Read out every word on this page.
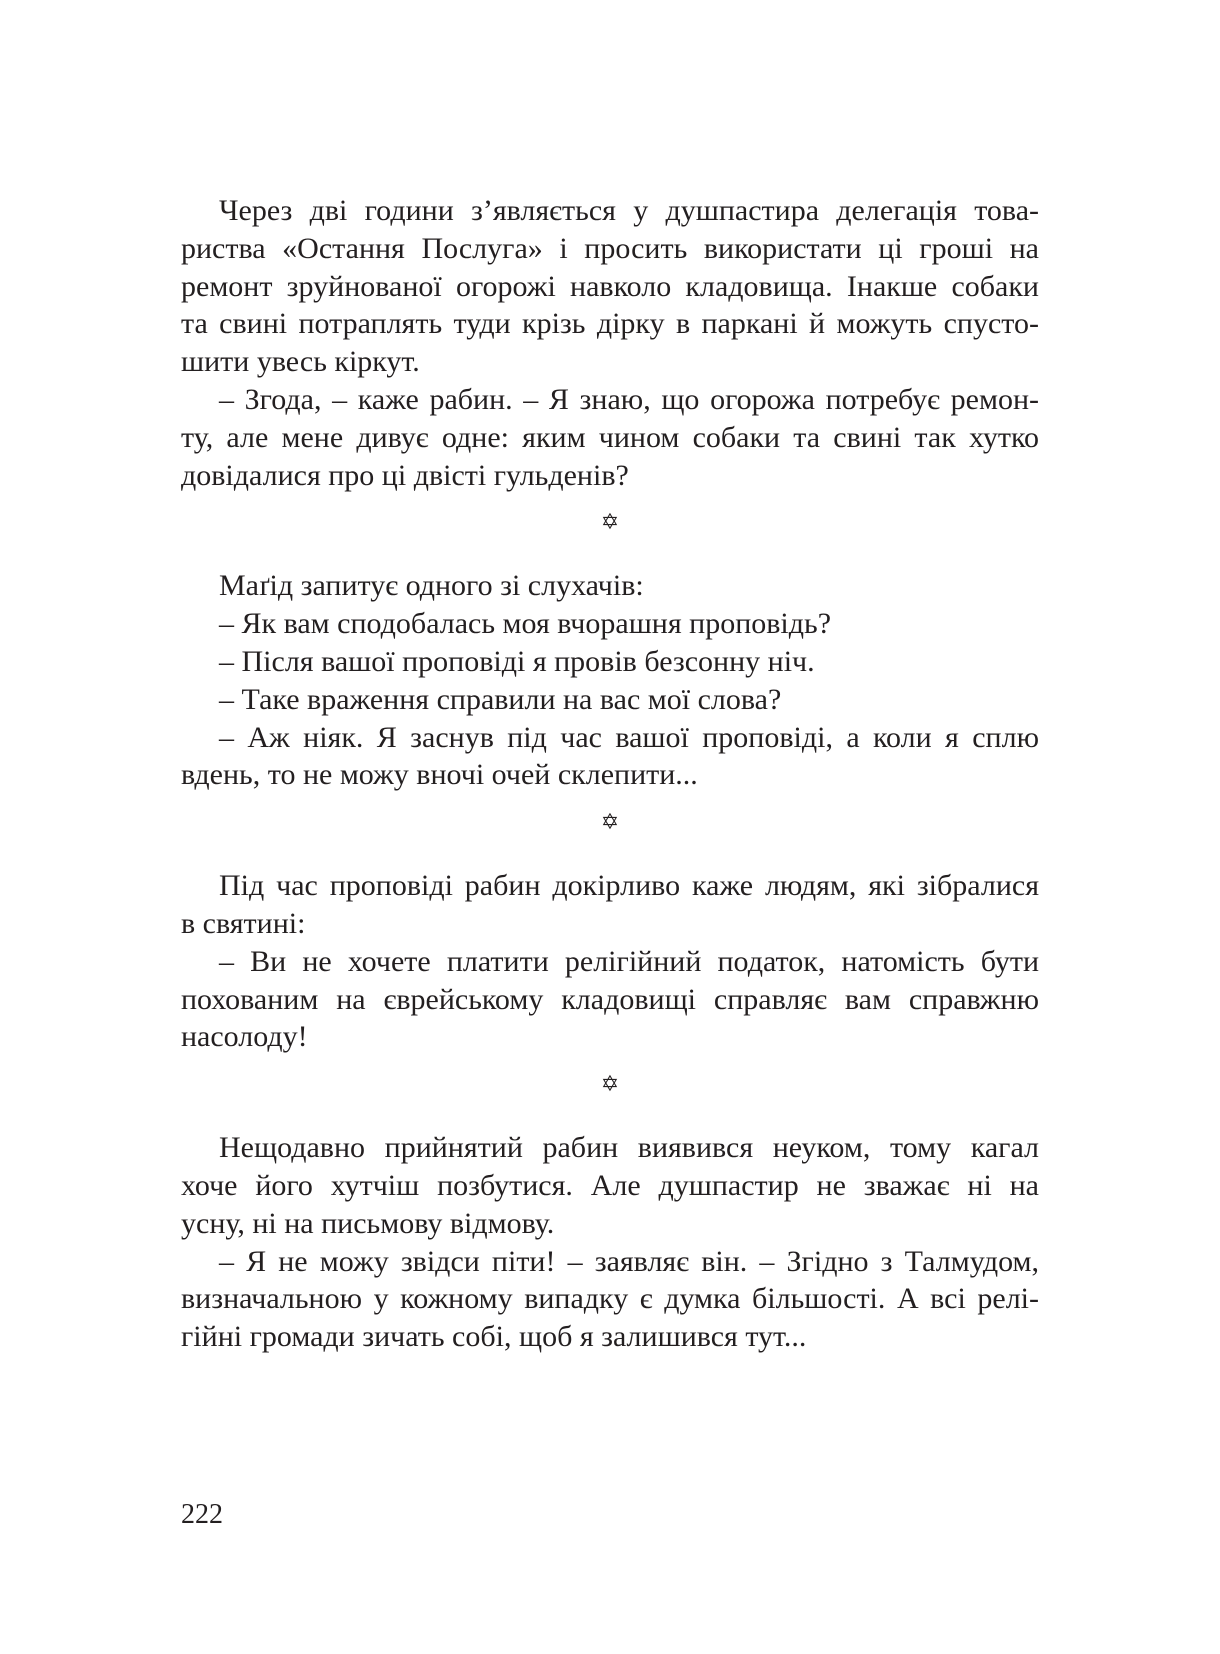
Через дві години з’являється у душпастира делегація това-
риства «Остання Послуга» і просить використати ці гроші на
ремонт зруйнованої огорожі навколо кладовища. Інакше собаки
та свині потраплять туди крізь дірку в паркані й можуть спусто-
шити увесь кіркут.
– Згода, – каже рабин. – Я знаю, що огорожа потребує ремон-
ту, але мене дивує одне: яким чином собаки та свині так хутко
довідалися про ці двісті гульденів?
✡
Маґід запитує одного зі слухачів:
– Як вам сподобалась моя вчорашня проповідь?
– Після вашої проповіді я провів безсонну ніч.
– Таке враження справили на вас мої слова?
– Аж ніяк. Я заснув під час вашої проповіді, а коли я сплю
вдень, то не можу вночі очей склепити...
✡
Під час проповіді рабин докірливо каже людям, які зібралися
в святині:
– Ви не хочете платити релігійний податок, натомість бути
похованим на єврейському кладовищі справляє вам справжню
насолоду!
✡
Нещодавно прийнятий рабин виявився неуком, тому кагал
хоче його хутчіш позбутися. Але душпастир не зважає ні на
усну, ні на письмову відмову.
– Я не можу звідси піти! – заявляє він. – Згідно з Талмудом,
визначальною у кожному випадку є думка більшості. А всі релі-
гійні громади зичать собі, щоб я залишився тут...
222
